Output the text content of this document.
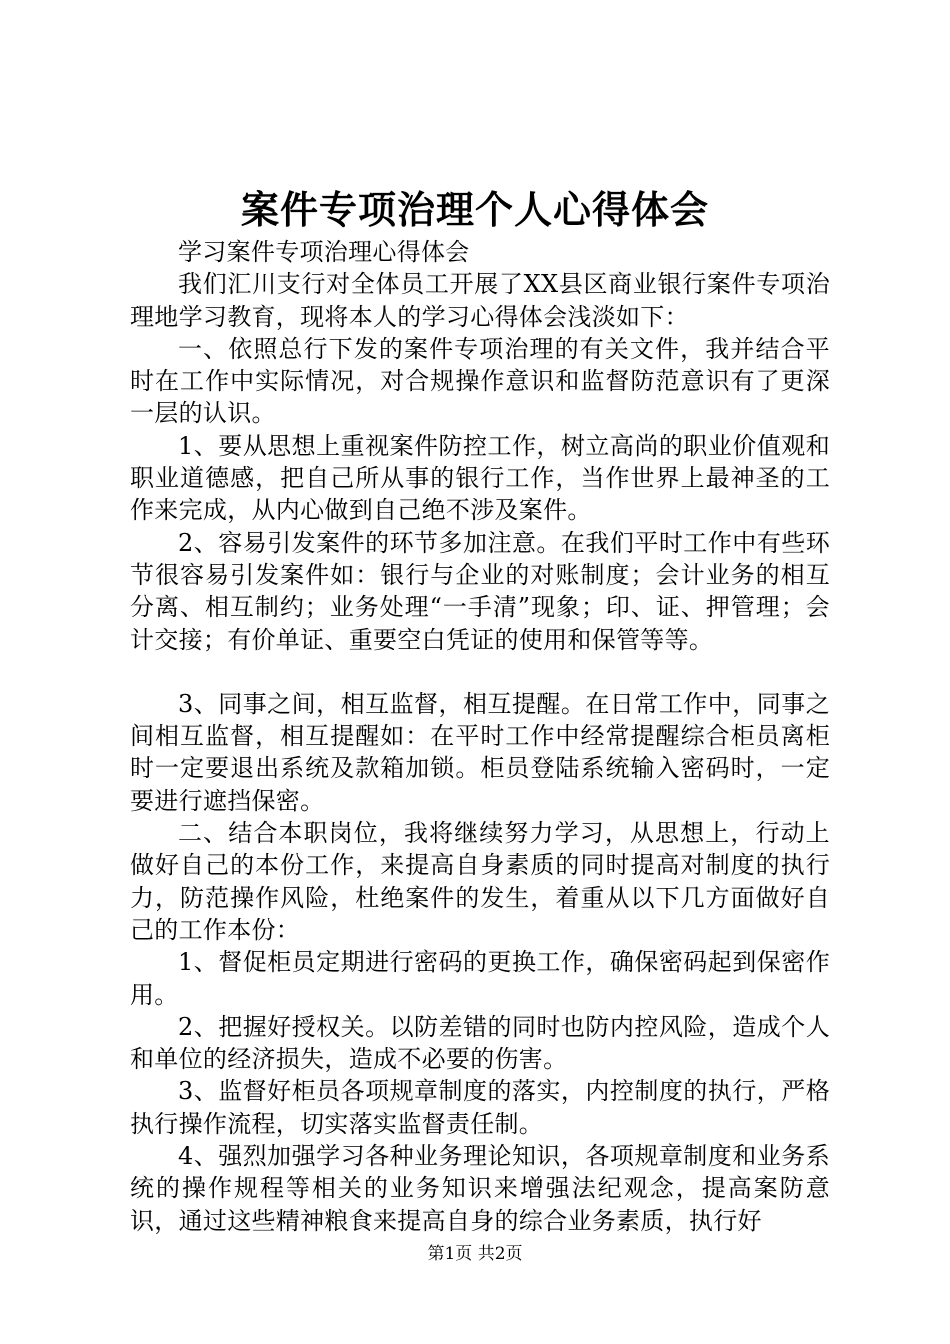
案件专项治理个人心得体会

学习案件专项治理心得体会

我们汇川支行对全体员工开展了XX县区商业银行案件专项治理地学习教育，现将本人的学习心得体会浅淡如下：

一、依照总行下发的案件专项治理的有关文件，我并结合平时在工作中实际情况，对合规操作意识和监督防范意识有了更深一层的认识。

1、要从思想上重视案件防控工作，树立高尚的职业价值观和职业道德感，把自己所从事的银行工作，当作世界上最神圣的工作来完成，从内心做到自己绝不涉及案件。

2、容易引发案件的环节多加注意。在我们平时工作中有些环节很容易引发案件如：银行与企业的对账制度；会计业务的相互分离、相互制约；业务处理“一手清”现象；印、证、押管理；会计交接；有价单证、重要空白凭证的使用和保管等等。

3、同事之间，相互监督，相互提醒。在日常工作中，同事之间相互监督，相互提醒如：在平时工作中经常提醒综合柜员离柜时一定要退出系统及款箱加锁。柜员登陆系统输入密码时，一定要进行遮挡保密。

二、结合本职岗位，我将继续努力学习，从思想上，行动上做好自己的本份工作，来提高自身素质的同时提高对制度的执行力，防范操作风险，杜绝案件的发生，着重从以下几方面做好自己的工作本份：

1、督促柜员定期进行密码的更换工作，确保密码起到保密作用。

2、把握好授权关。以防差错的同时也防内控风险，造成个人和单位的经济损失，造成不必要的伤害。

3、监督好柜员各项规章制度的落实，内控制度的执行，严格执行操作流程，切实落实监督责任制。

4、强烈加强学习各种业务理论知识，各项规章制度和业务系统的操作规程等相关的业务知识来增强法纪观念，提高案防意识，通过这些精神粮食来提高自身的综合业务素质，执行好

第1页 共2页
